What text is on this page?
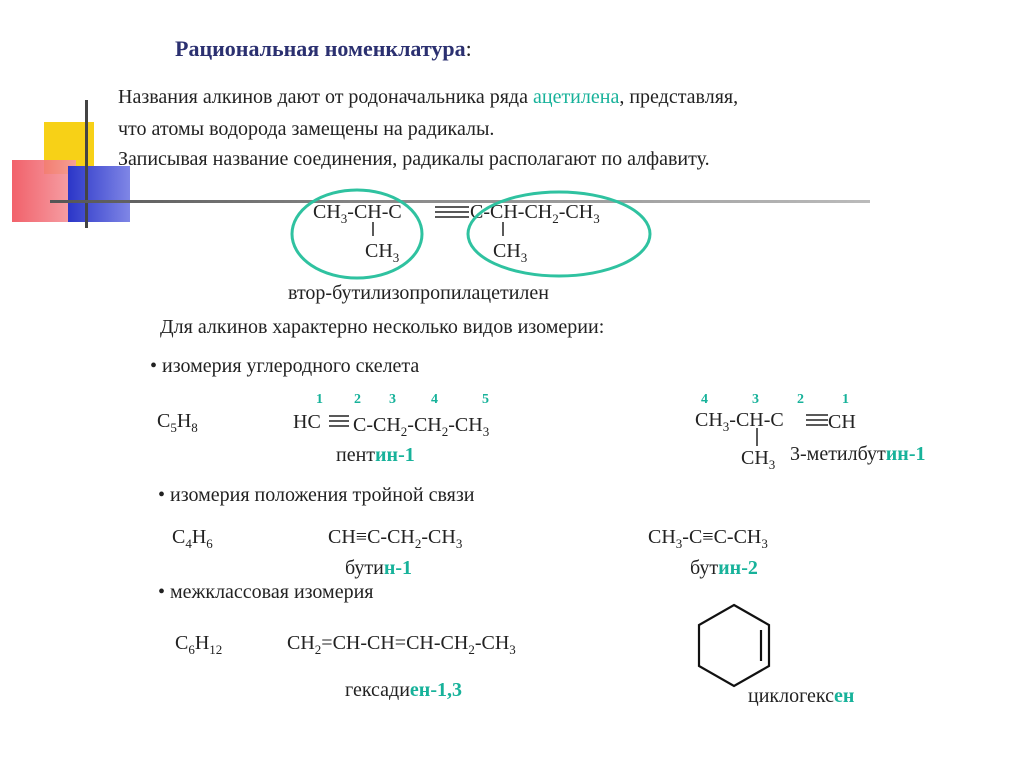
Рациональная номенклатура:
Названия алкинов дают от родоначальника ряда ацетилена, представляя,
что атомы водорода замещены на радикалы.
Записывая название соединения, радикалы располагают по алфавиту.
$CH_3-CH-C$	$C-CH-CH_2-CH_3$
$CH_3$	$CH_3$
втор-бутилизопропилацетилен
Для алкинов характерно несколько видов изомерии:
• изомерия углеродного скелета
$C_5H_8$
1 2 3	4	5
HC $C-CH_2-CH_2-CH_3$
пентин-1
4	3	2	1
$CH_3-CH-C$ CH
$CH_3$ 3-метилбутин-1
• изомерия положения тройной связи
$C_4H_6$	$CH\equiv C-CH_2-CH_3$
бутин-1
$CH_3-C\equiv C-CH_3$
бутин-2
• межклассовая изомерия
$C_6H_{12}$	$CH_2=CH-CH=CH-CH_2-CH_3$
гексадиен-1,3	циклогексен
